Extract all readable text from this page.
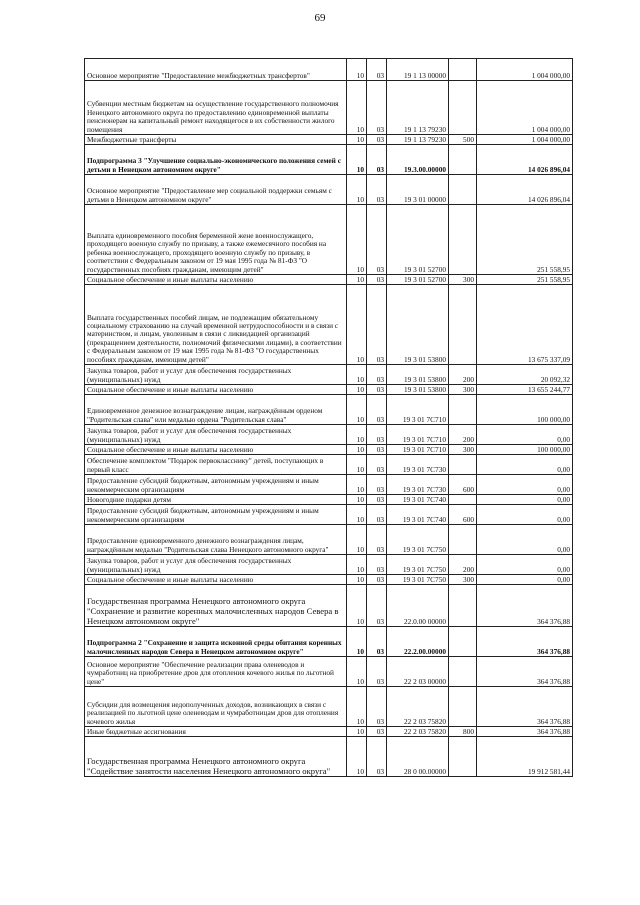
69
Основное мероприятие "Предоставление межбюджетных трансфертов"	10	03	19 1 13 00000		1 004 000,00
Субвенции местным бюджетам на осуществление государственного полномочия Ненецкого автономного округа по предоставлению единовременной выплаты пенсионерам на капитальный ремонт находящегося в их собственности жилого помещения	10	03	19 1 13 79230		1 004 000,00
Межбюджетные трансферты	10	03	19 1 13 79230	500	1 004 000,00
Подпрограмма 3 "Улучшение социально-экономического положения семей с детьми в Ненецком автономном округе"	10	03	19.3.00.00000		14 026 896,04
Основное мероприятие "Предоставление мер социальной поддержки семьям с детьми в Ненецком автономном округе"	10	03	19 3 01 00000		14 026 896,04
Выплата единовременного пособия беременной жене военнослужащего, проходящего военную службу по призыву, а также ежемесячного пособия на ребенка военнослужащего, проходящего военную службу по призыву, в соответствии с Федеральным законом от 19 мая 1995 года № 81-ФЗ "О государственных пособиях гражданам, имеющим детей"	10	03	19 3 01 52700		251 558,95
Социальное обеспечение и иные выплаты населению	10	03	19 3 01 52700	300	251 558,95
Выплата государственных пособий лицам, не подлежащим обязательному социальному страхованию на случай временной нетрудоспособности и в связи с материнством, и лицам, уволенным в связи с ликвидацией организаций (прекращением деятельности, полномочий физическими лицами), в соответствии с Федеральным законом от 19 мая 1995 года № 81-ФЗ "О государственных пособиях гражданам, имеющим детей"	10	03	19 3 01 53800		13 675 337,09
Закупка товаров, работ и услуг для обеспечения государственных (муниципальных) нужд	10	03	19 3 01 53800	200	20 092,32
Социальное обеспечение и иные выплаты населению	10	03	19 3 01 53800	300	13 655 244,77
Единовременное денежное вознаграждение лицам, награждённым орденом "Родительская слава" или медалью ордена "Родительская слава"	10	03	19 3 01 7С710		100 000,00
Закупка товаров, работ и услуг для обеспечения государственных (муниципальных) нужд	10	03	19 3 01 7С710	200	0,00
Социальное обеспечение и иные выплаты населению	10	03	19 3 01 7С710	300	100 000,00
Обеспечение комплектом "Подарок первокласснику" детей, поступающих в первый класс	10	03	19 3 01 7С730		0,00
Предоставление субсидий бюджетным, автономным учреждениям и иным некоммерческим организациям	10	03	19 3 01 7С730	600	0,00
Новогодние подарки детям	10	03	19 3 01 7С740		0,00
Предоставление субсидий бюджетным, автономным учреждениям и иным некоммерческим организациям	10	03	19 3 01 7С740	600	0,00
Предоставление единовременного денежного вознаграждения лицам, награждённым медалью "Родительская слава Ненецкого автономного округа"	10	03	19 3 01 7С750		0,00
Закупка товаров, работ и услуг для обеспечения государственных (муниципальных) нужд	10	03	19 3 01 7С750	200	0,00
Социальное обеспечение и иные выплаты населению	10	03	19 3 01 7С750	300	0,00
Государственная программа Ненецкого автономного округа "Сохранение и развитие коренных малочисленных народов Севера в Ненецком автономном округе"	10	03	22.0.00 00000		364 376,88
Подпрограмма 2 "Сохранение и защита исконной среды обитания коренных малочисленных народов Севера в Ненецком автономном округе"	10	03	22.2.00.00000		364 376,88
Основное мероприятие "Обеспечение реализации права оленеводов и чумработниц на приобретение дров для отопления кочевого жилья по льготной цене"	10	03	22 2 03 00000		364 376,88
Субсидии для возмещения недополученных доходов, возникающих в связи с реализацией по льготной цене оленеводам и чумработницам дров для отопления кочевого жилья	10	03	22 2 03 75820		364 376,88
Иные бюджетные ассигнования	10	03	22 2 03 75820	800	364 376,88
Государственная программа Ненецкого автономного округа "Содействие занятости населения Ненецкого автономного округа"	10	03	28 0 00.00000		19 912 581,44
